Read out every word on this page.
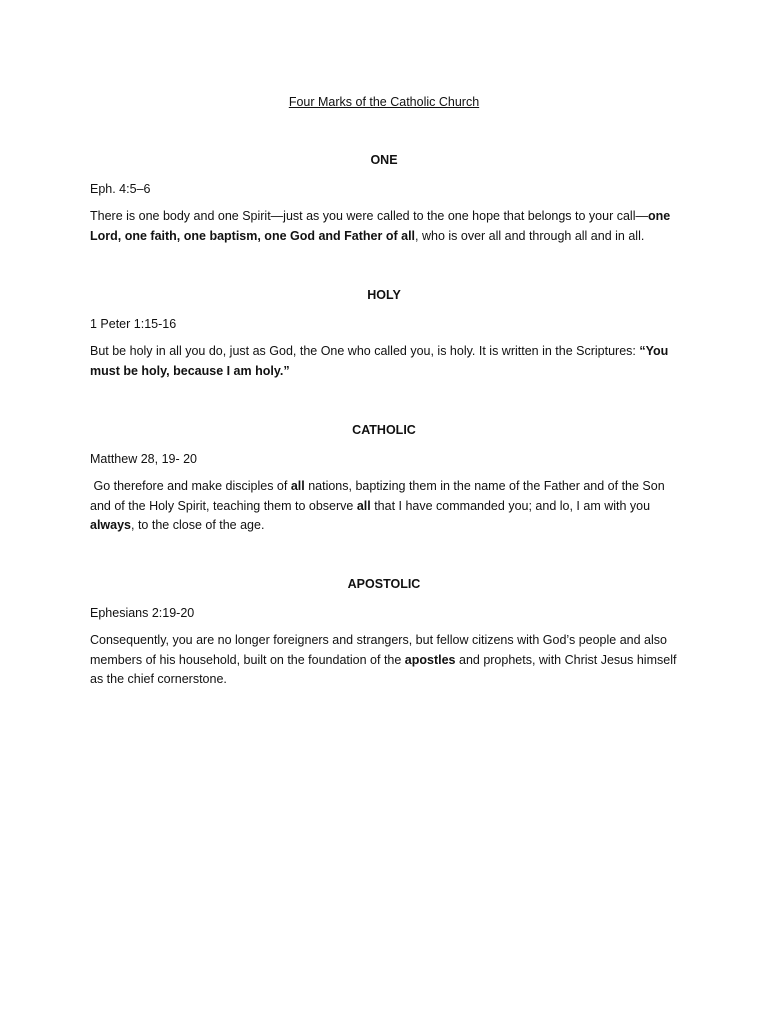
Four Marks of the Catholic Church

ONE

Eph. 4:5–6

There is one body and one Spirit—just as you were called to the one hope that belongs to your call—one Lord, one faith, one baptism, one God and Father of all, who is over all and through all and in all.

HOLY

1 Peter 1:15-16

But be holy in all you do, just as God, the One who called you, is holy. It is written in the Scriptures: “You must be holy, because I am holy.”

CATHOLIC

Matthew 28, 19- 20

Go therefore and make disciples of all nations, baptizing them in the name of the Father and of the Son and of the Holy Spirit, teaching them to observe all that I have commanded you; and lo, I am with you always, to the close of the age.

APOSTOLIC

Ephesians 2:19-20

Consequently, you are no longer foreigners and strangers, but fellow citizens with God’s people and also members of his household, built on the foundation of the apostles and prophets, with Christ Jesus himself as the chief cornerstone.
